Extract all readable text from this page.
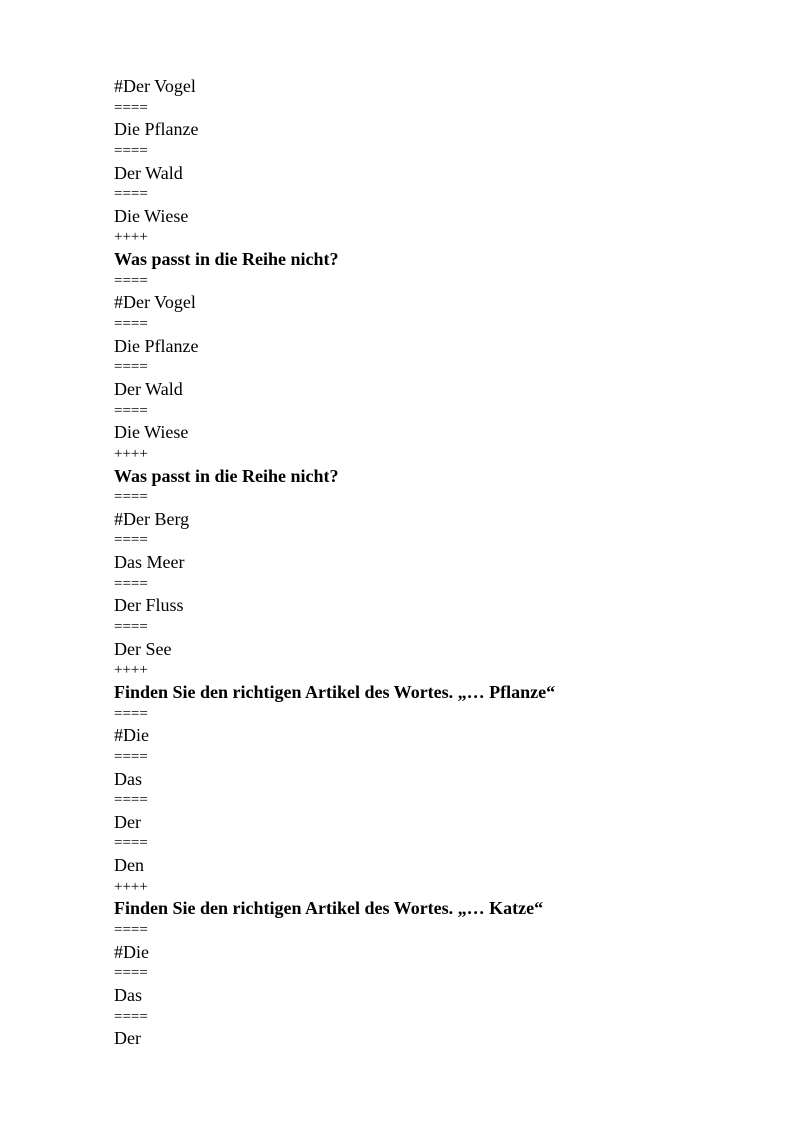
#Der Vogel
====
Die Pflanze
====
Der Wald
====
Die Wiese
++++
Was passt in die Reihe nicht?
====
#Der Vogel
====
Die Pflanze
====
Der Wald
====
Die Wiese
++++
Was passt in die Reihe nicht?
====
#Der Berg
====
Das Meer
====
Der Fluss
====
Der See
++++
Finden Sie den richtigen Artikel des Wortes. „… Pflanze“
====
#Die
====
Das
====
Der
====
Den
++++
Finden Sie den richtigen Artikel des Wortes. „… Katze“
====
#Die
====
Das
====
Der
